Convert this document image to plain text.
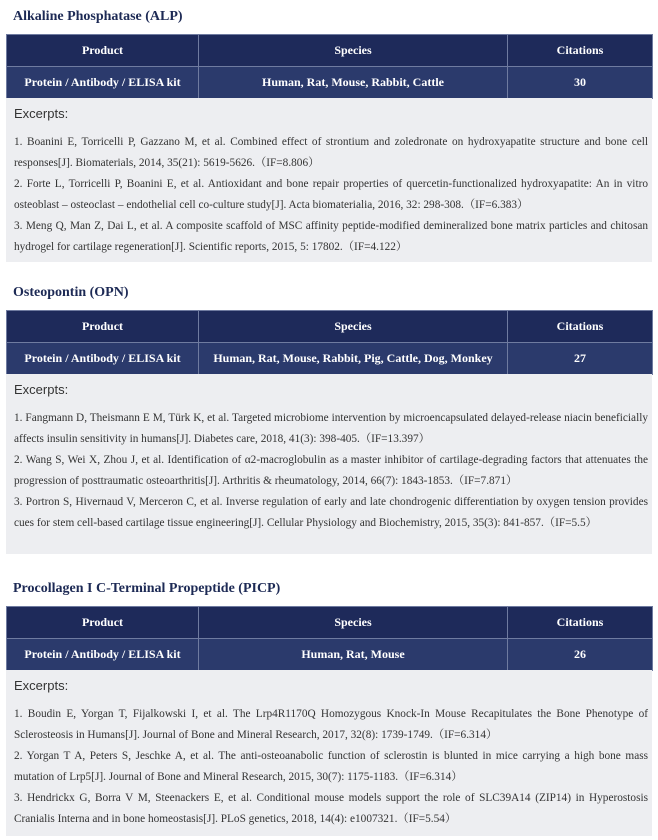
Alkaline Phosphatase (ALP)
Product	Species	Citations
Protein / Antibody / ELISA kit	Human, Rat, Mouse, Rabbit, Cattle	30
Excerpts:
1. Boanini E, Torricelli P, Gazzano M, et al. Combined effect of strontium and zoledronate on hydroxyapatite structure and bone cell responses[J]. Biomaterials, 2014, 35(21): 5619-5626.（IF=8.806）
2. Forte L, Torricelli P, Boanini E, et al. Antioxidant and bone repair properties of quercetin-functionalized hydroxyapatite: An in vitro osteoblast – osteoclast – endothelial cell co-culture study[J]. Acta biomaterialia, 2016, 32: 298-308.（IF=6.383）
3. Meng Q, Man Z, Dai L, et al. A composite scaffold of MSC affinity peptide-modified demineralized bone matrix particles and chitosan hydrogel for cartilage regeneration[J]. Scientific reports, 2015, 5: 17802.（IF=4.122）
Osteopontin (OPN)
Product	Species	Citations
Protein / Antibody / ELISA kit	Human, Rat, Mouse, Rabbit, Pig, Cattle, Dog, Monkey	27
Excerpts:
1. Fangmann D, Theismann E M, Türk K, et al. Targeted microbiome intervention by microencapsulated delayed-release niacin beneficially affects insulin sensitivity in humans[J]. Diabetes care, 2018, 41(3): 398-405.（IF=13.397）
2. Wang S, Wei X, Zhou J, et al. Identification of α2-macroglobulin as a master inhibitor of cartilage-degrading factors that attenuates the progression of posttraumatic osteoarthritis[J]. Arthritis & rheumatology, 2014, 66(7): 1843-1853.（IF=7.871）
3. Portron S, Hivernaud V, Merceron C, et al. Inverse regulation of early and late chondrogenic differentiation by oxygen tension provides cues for stem cell-based cartilage tissue engineering[J]. Cellular Physiology and Biochemistry, 2015, 35(3): 841-857.（IF=5.5）
Procollagen I C-Terminal Propeptide (PICP)
Product	Species	Citations
Protein / Antibody / ELISA kit	Human, Rat, Mouse	26
Excerpts:
1. Boudin E, Yorgan T, Fijalkowski I, et al. The Lrp4R1170Q Homozygous Knock-In Mouse Recapitulates the Bone Phenotype of Sclerosteosis in Humans[J]. Journal of Bone and Mineral Research, 2017, 32(8): 1739-1749.（IF=6.314）
2. Yorgan T A, Peters S, Jeschke A, et al. The anti-osteoanabolic function of sclerostin is blunted in mice carrying a high bone mass mutation of Lrp5[J]. Journal of Bone and Mineral Research, 2015, 30(7): 1175-1183.（IF=6.314）
3. Hendrickx G, Borra V M, Steenackers E, et al. Conditional mouse models support the role of SLC39A14 (ZIP14) in Hyperostosis Cranialis Interna and in bone homeostasis[J]. PLoS genetics, 2018, 14(4): e1007321.（IF=5.54）
